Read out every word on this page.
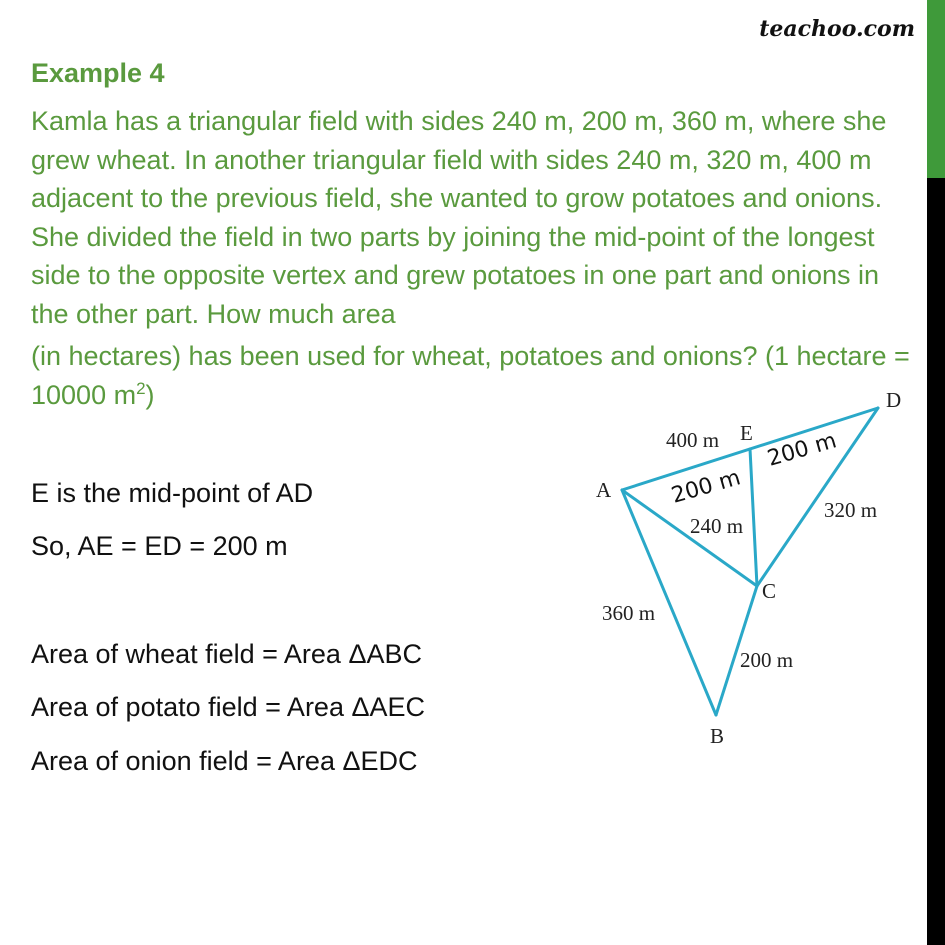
teachoo.com
Example 4

Kamla has a triangular field with sides 240 m, 200 m, 360 m, where she grew wheat. In another triangular field with sides 240 m, 320 m, 400 m adjacent to the previous field, she wanted to grow potatoes and onions. She divided the field in two parts by joining the mid-point of the longest side to the opposite vertex and grew potatoes in one part and onions in the other part. How much area

(in hectares) has been used for wheat, potatoes and onions? (1 hectare = 10000 $m^2$)

E is the mid-point of AD
So, AE = ED = 200 m
Area of wheat field = Area ΔABC
Area of potato field = Area ΔAEC
Area of onion field = Area ΔEDC
A
B
C
D
E
400 m
240 m
320 m
360 m
200 m
200 m
200 m
